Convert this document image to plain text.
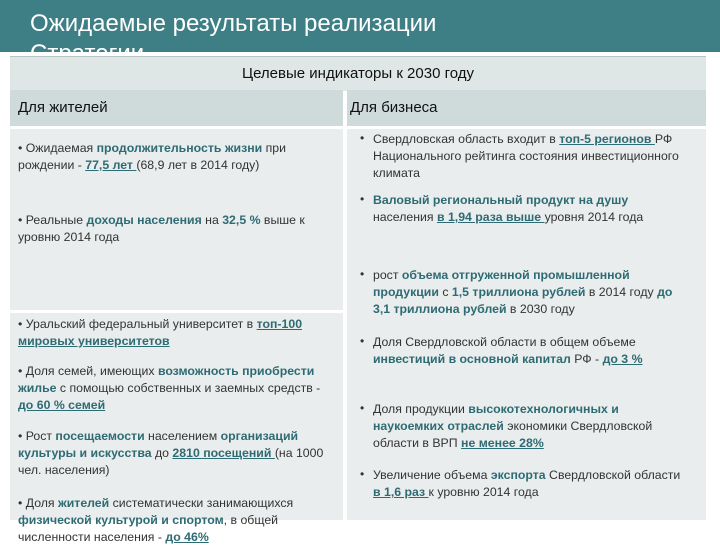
Ожидаемые результаты реализации
Целевые индикаторы к 2030 году
Для жителей	Для бизнеса
• Ожидаемая продолжительность жизни при рождении - 77,5 лет (68,9 лет в 2014 году)
• Реальные доходы населения на 32,5 % выше к уровню 2014 года
• Уральский федеральный университет в топ-100 мировых университетов
• Доля семей, имеющих возможность приобрести жилье с помощью собственных и заемных средств - до 60 % семей
• Рост посещаемости населением организаций культуры и искусства до 2810 посещений (на 1000 чел. населения)
• Доля жителей систематически занимающихся физической культурой и спортом, в общей численности населения - до 46%
• Свердловская область входит в топ-5 регионов РФ Национального рейтинга состояния инвестиционного климата
• Валовый региональный продукт на душу населения в 1,94 раза выше уровня 2014 года
• рост объема отгруженной промышленной продукции с 1,5 триллиона рублей в 2014 году до 3,1 триллиона рублей в 2030 году
• Доля Свердловской области в общем объеме инвестиций в основной капитал РФ - до 3 %
• Доля продукции высокотехнологичных и наукоемких отраслей экономики Свердловской области в ВРП не менее 28%
• Увеличение объема экспорта Свердловской области в 1,6 раз к уровню 2014 года
